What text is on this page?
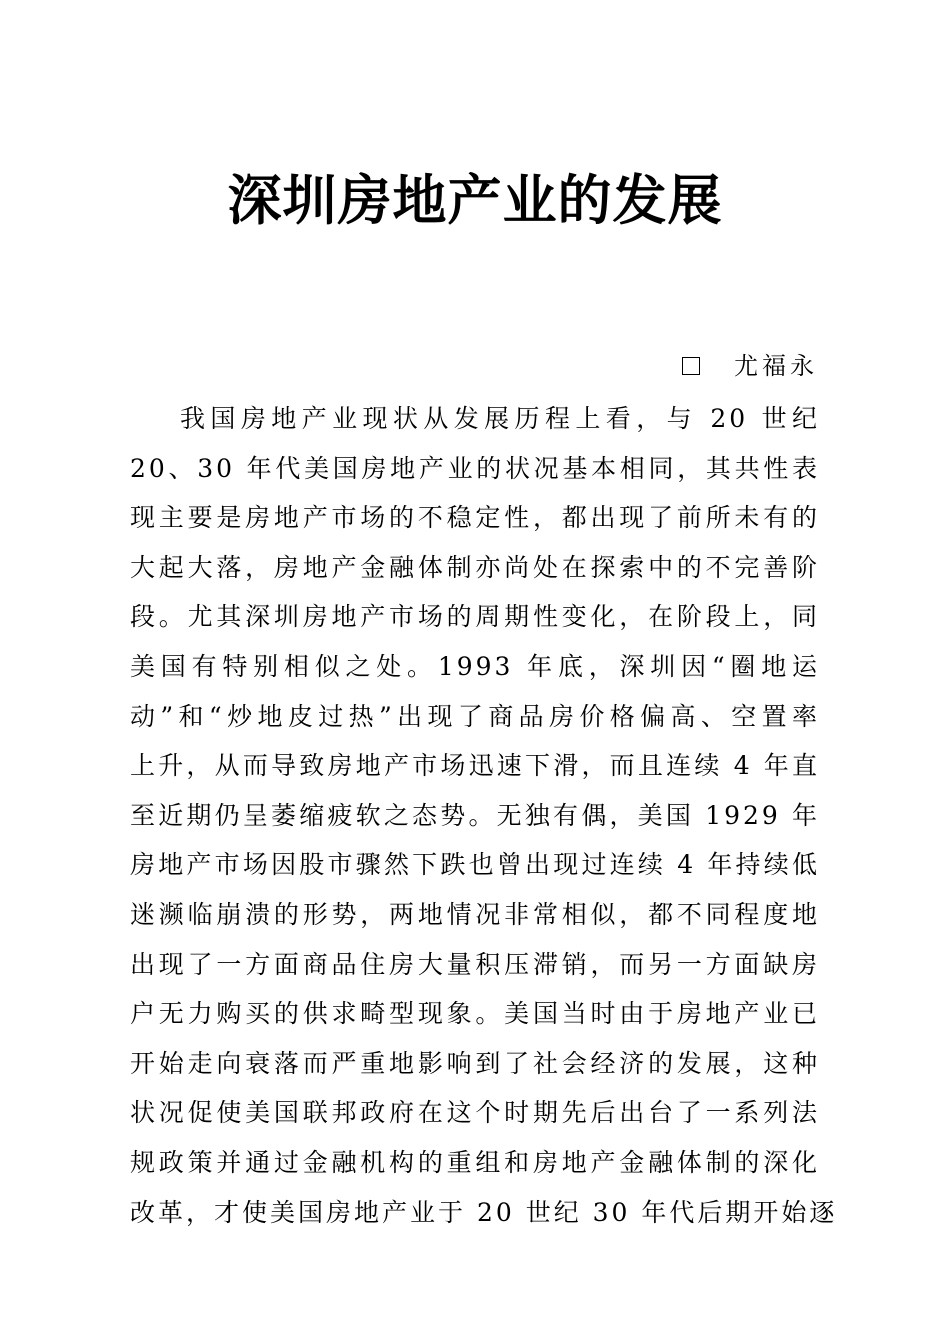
深圳房地产业的发展
尤福永
我国房地产业现状从发展历程上看，与 20 世纪
20、30 年代美国房地产业的状况基本相同，其共性表
现主要是房地产市场的不稳定性，都出现了前所未有的
大起大落，房地产金融体制亦尚处在探索中的不完善阶
段。尤其深圳房地产市场的周期性变化，在阶段上，同
美国有特别相似之处。1993 年底，深圳因“圈地运
动”和“炒地皮过热”出现了商品房价格偏高、空置率
上升，从而导致房地产市场迅速下滑，而且连续 4 年直
至近期仍呈萎缩疲软之态势。无独有偶，美国 1929 年
房地产市场因股市骤然下跌也曾出现过连续 4 年持续低
迷濒临崩溃的形势，两地情况非常相似，都不同程度地
出现了一方面商品住房大量积压滞销，而另一方面缺房
户无力购买的供求畸型现象。美国当时由于房地产业已
开始走向衰落而严重地影响到了社会经济的发展，这种
状况促使美国联邦政府在这个时期先后出台了一系列法
规政策并通过金融机构的重组和房地产金融体制的深化
改革，才使美国房地产业于 20 世纪 30 年代后期开始逐
